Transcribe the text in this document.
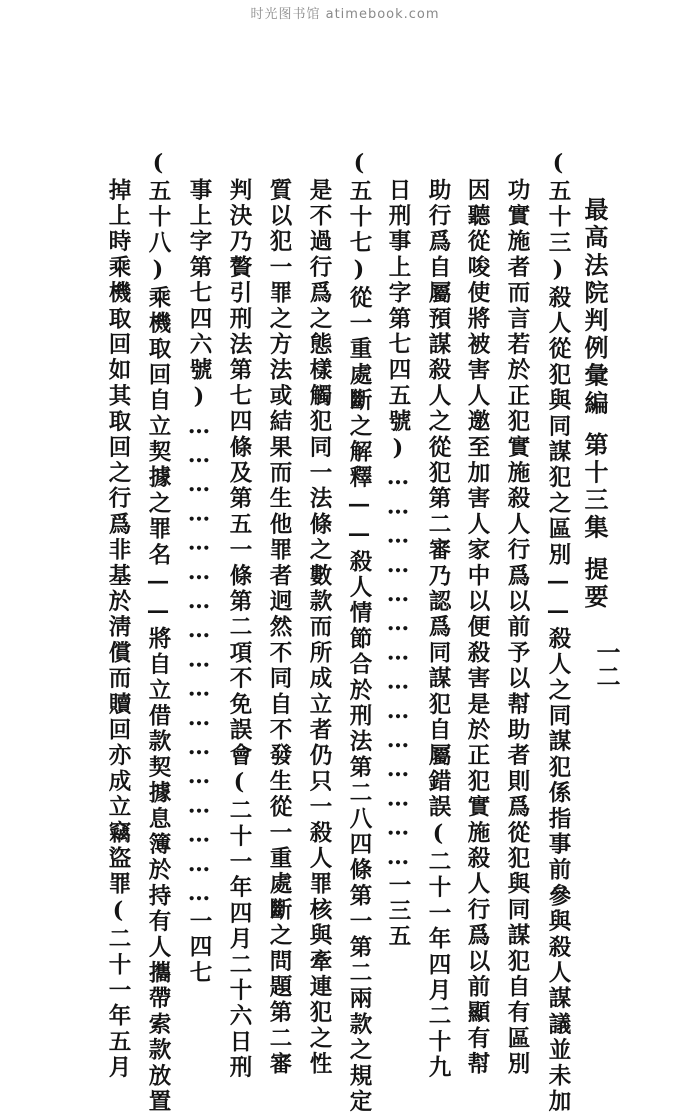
时光图书馆 atimebook.com
一二
最高法院判例彙編第十三集提要
(五十三)殺人從犯與同謀犯之區別——殺人之同謀犯係指事前參與殺人謀議並未加
功實施者而言若於正犯實施殺人行爲以前予以幇助者則爲從犯與同謀犯自有區別
因聽從唆使將被害人邀至加害人家中以便殺害是於正犯實施殺人行爲以前顯有幇
助行爲自屬預謀殺人之從犯第二審乃認爲同謀犯自屬錯誤(二十一年四月二十九
日刑事上字第七四五號)……………………………………一三五
(五十七)從一重處斷之解釋——殺人情節合於刑法第二八四條第一第二兩款之規定
是不過行爲之態樣觸犯同一法條之數款而所成立者仍只一殺人罪核與牽連犯之性
質以犯一罪之方法或結果而生他罪者迥然不同自不發生從一重處斷之問題第二審
判決乃贅引刑法第七四條及第五一條第二項不免誤會(二十一年四月二十六日刑
事上字第七四六號)……………………………………………一四七
(五十八)乘機取回自立契據之罪名——將自立借款契據息簿於持有人攜帶索款放置
掉上時乘機取回如其取回之行爲非基於淸償而贖回亦成立竊盜罪(二十一年五月
